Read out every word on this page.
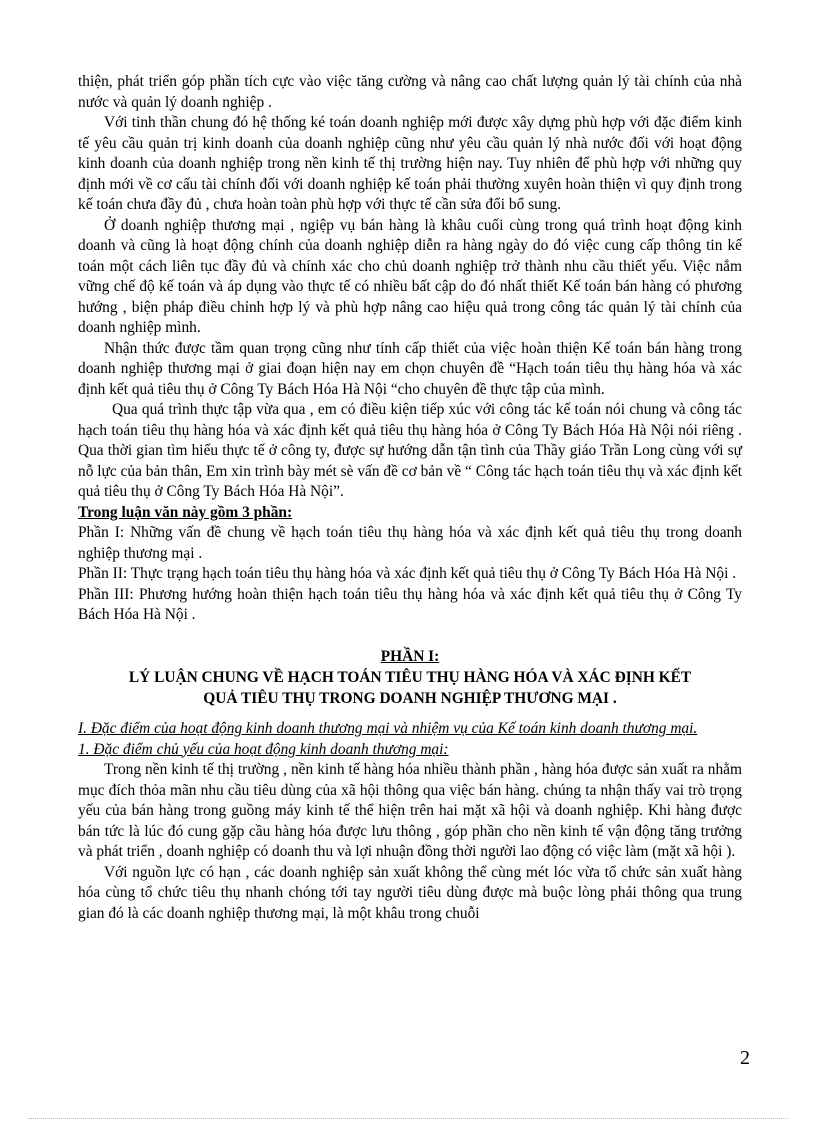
thiện, phát triển góp phần tích cực vào việc tăng cường và nâng cao chất lượng quản lý tài chính của nhà nước và quản lý doanh nghiệp .

Với tinh thần chung đó hệ thống ké toán doanh nghiệp mới được xây dựng phù hợp với đặc điểm kinh tế yêu cầu quản trị kinh doanh của doanh nghiệp cũng như yêu cầu quản lý nhà nước đối với hoạt động kinh doanh của doanh nghiệp trong nền kinh tế thị trường hiện nay. Tuy nhiên để phù hợp với những quy định mới về cơ cấu tài chính đối với doanh nghiệp kế toán phải thường xuyên hoàn thiện vì quy định trong kế toán chưa đầy đủ , chưa hoàn toàn phù hợp với thực tế cần sửa đổi bổ sung.

Ở doanh nghiệp thương mại , ngiệp vụ bán hàng là khâu cuối cùng trong quá trình hoạt động kinh doanh và cũng là hoạt động chính của doanh nghiệp diễn ra hàng ngày do đó việc cung cấp thông tin kế toán một cách liên tục đầy đủ và chính xác cho chủ doanh nghiệp trở thành nhu cầu thiết yếu. Việc nắm vững chế độ kế toán và áp dụng vào thực tế có nhiều bất cập do đó nhất thiết Kế toán bán hàng có phương hướng , biện pháp điều chỉnh hợp lý và phù hợp nâng cao hiệu quả trong công tác quản lý tài chính của doanh nghiệp mình.

Nhận thức được tầm quan trọng cũng như tính cấp thiết của việc hoàn thiện Kế toán bán hàng trong doanh nghiệp thương mại ở giai đoạn hiện nay em chọn chuyên đề “Hạch toán tiêu thụ hàng hóa và xác định kết quả tiêu thụ ở Công Ty Bách Hóa Hà Nội “cho chuyên đề thực tập của mình.

Qua quá trình thực tập vừa qua , em có điều kiện tiếp xúc với công tác kế toán nói chung và công tác hạch toán tiêu thụ hàng hóa và xác định kết quả tiêu thụ hàng hóa ở Công Ty Bách Hóa Hà Nội nói riêng . Qua thời gian tìm hiểu thực tế ở công ty, được sự hướng dẫn tận tình của Thầy giáo Trần Long cùng với sự nỗ lực của bản thân, Em xin trình bày mét sè vấn đề cơ bản về “ Công tác hạch toán tiêu thụ và xác định kết quả tiêu thụ ở Công Ty Bách Hóa Hà Nội”.

Trong luận văn này gồm 3 phần:

Phần I: Những vấn đề chung về hạch toán tiêu thụ hàng hóa và xác định kết quả tiêu thụ trong doanh nghiệp thương mại .

Phần II: Thực trạng hạch toán tiêu thụ hàng hóa và xác định kết quả tiêu thụ ở Công Ty Bách Hóa Hà Nội .

Phần III: Phương hướng hoàn thiện hạch toán tiêu thụ hàng hóa và xác định kết quả tiêu thụ ở Công Ty Bách Hóa Hà Nội .

PHẦN I:
LÝ LUẬN CHUNG VỀ HẠCH TOÁN TIÊU THỤ HÀNG HÓA VÀ XÁC ĐỊNH KẾT
QUẢ TIÊU THỤ TRONG DOANH NGHIỆP THƯƠNG MẠI .

I. Đặc điểm của hoạt động kinh doanh thương mại và nhiệm vụ của Kế toán kinh doanh thương mại.

1. Đặc điểm chủ yếu của hoạt động kinh doanh thương mại:

Trong nền kinh tế thị trường , nền kinh tế hàng hóa nhiều thành phần , hàng hóa được sản xuất ra nhằm mục đích thỏa mãn nhu cầu tiêu dùng của xã hội thông qua việc bán hàng. chúng ta nhận thấy vai trò trọng yếu của bán hàng trong guồng máy kinh tế thể hiện trên hai mặt xã hội và doanh nghiệp. Khi hàng được bán tức là lúc đó cung gặp cầu hàng hóa được lưu thông , góp phần cho nền kinh tế vận động tăng trưởng và phát triển , doanh nghiệp có doanh thu và lợi nhuận đồng thời người lao động có việc làm (mặt xã hội ).

Với nguồn lực có hạn , các doanh nghiệp sản xuất không thể cùng mét lóc vừa tổ chức sản xuất hàng hóa cùng tổ chức tiêu thụ nhanh chóng tới tay người tiêu dùng được mà buộc lòng phải thông qua trung gian đó là các doanh nghiệp thương mại, là một khâu trong chuỗi

2
